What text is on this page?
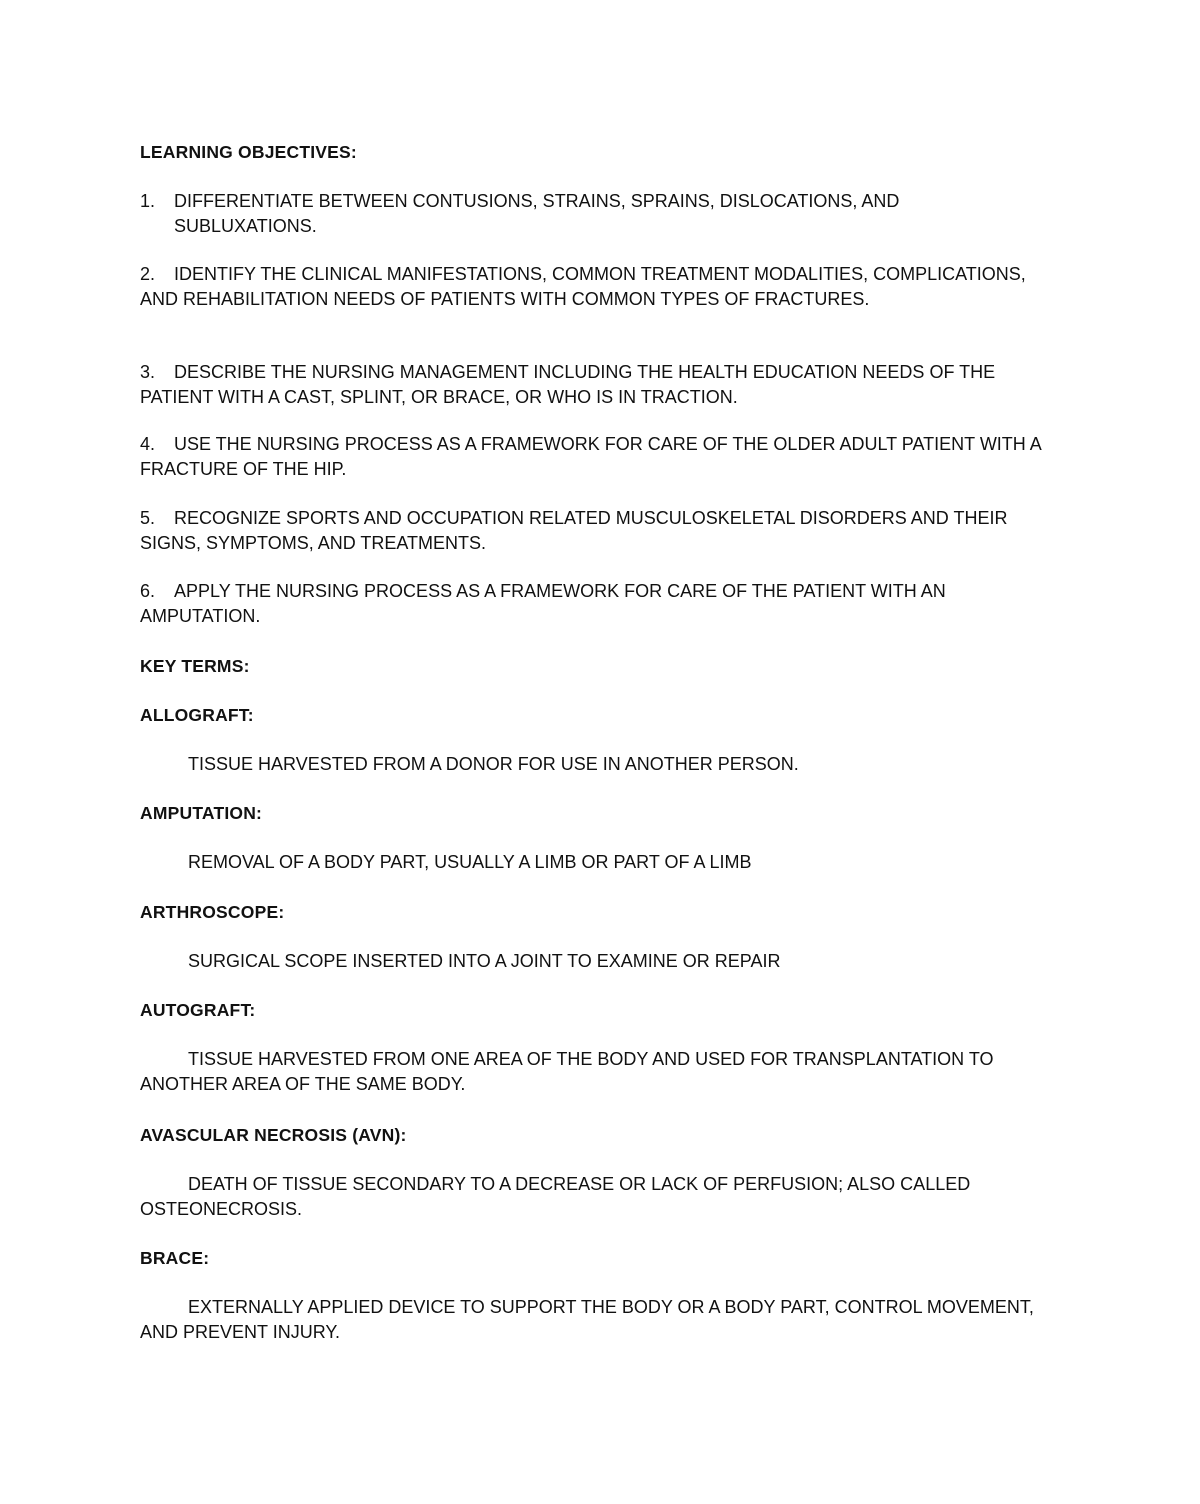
LEARNING OBJECTIVES:
1. DIFFERENTIATE BETWEEN CONTUSIONS, STRAINS, SPRAINS, DISLOCATIONS, AND SUBLUXATIONS.
2. IDENTIFY THE CLINICAL MANIFESTATIONS, COMMON TREATMENT MODALITIES, COMPLICATIONS, AND REHABILITATION NEEDS OF PATIENTS WITH COMMON TYPES OF FRACTURES.
3. DESCRIBE THE NURSING MANAGEMENT INCLUDING THE HEALTH EDUCATION NEEDS OF THE PATIENT WITH A CAST, SPLINT, OR BRACE, OR WHO IS IN TRACTION.
4. USE THE NURSING PROCESS AS A FRAMEWORK FOR CARE OF THE OLDER ADULT PATIENT WITH A FRACTURE OF THE HIP.
5. RECOGNIZE SPORTS AND OCCUPATION RELATED MUSCULOSKELETAL DISORDERS AND THEIR SIGNS, SYMPTOMS, AND TREATMENTS.
6. APPLY THE NURSING PROCESS AS A FRAMEWORK FOR CARE OF THE PATIENT WITH AN AMPUTATION.
KEY TERMS:
ALLOGRAFT:
TISSUE HARVESTED FROM A DONOR FOR USE IN ANOTHER PERSON.
AMPUTATION:
REMOVAL OF A BODY PART, USUALLY A LIMB OR PART OF A LIMB
ARTHROSCOPE:
SURGICAL SCOPE INSERTED INTO A JOINT TO EXAMINE OR REPAIR
AUTOGRAFT:
TISSUE HARVESTED FROM ONE AREA OF THE BODY AND USED FOR TRANSPLANTATION TO ANOTHER AREA OF THE SAME BODY.
AVASCULAR NECROSIS (AVN):
DEATH OF TISSUE SECONDARY TO A DECREASE OR LACK OF PERFUSION; ALSO CALLED OSTEONECROSIS.
BRACE:
EXTERNALLY APPLIED DEVICE TO SUPPORT THE BODY OR A BODY PART, CONTROL MOVEMENT, AND PREVENT INJURY.
